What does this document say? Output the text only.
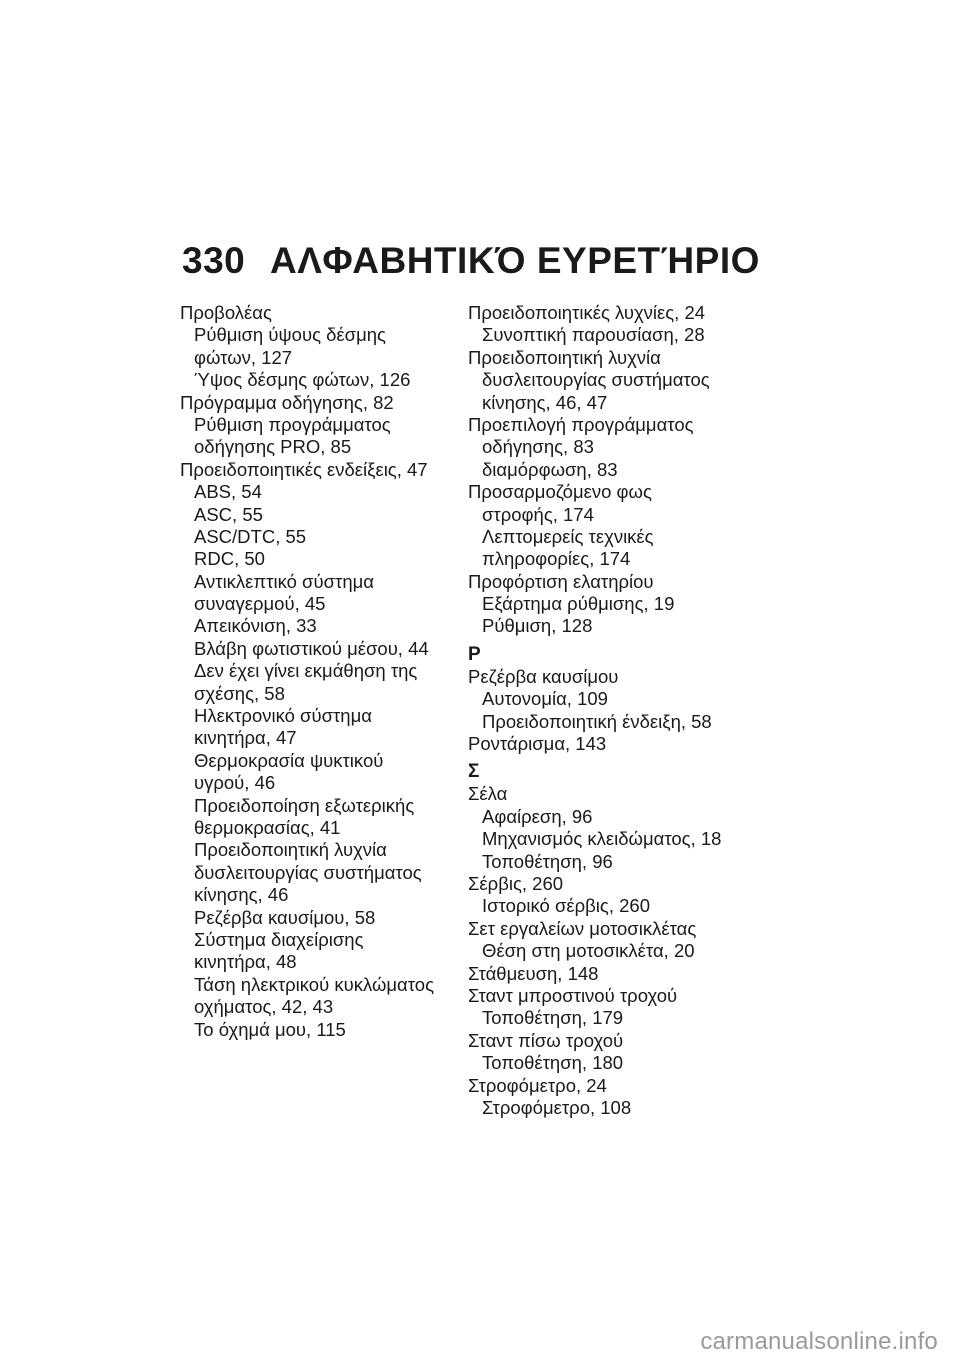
330 ΑΛΦΑΒΗΤΙΚΌ ΕΥΡΕΤΉΡΙΟ
Προβολέας
Ρύθμιση ύψους δέσμης
φώτων, 127
Ύψος δέσμης φώτων, 126
Πρόγραμμα οδήγησης, 82
Ρύθμιση προγράμματος
οδήγησης PRO, 85
Προειδοποιητικές ενδείξεις, 47
ABS, 54
ASC, 55
ASC/DTC, 55
RDC, 50
Αντικλεπτικό σύστημα
συναγερμού, 45
Απεικόνιση, 33
Βλάβη φωτιστικού μέσου, 44
Δεν έχει γίνει εκμάθηση της
σχέσης, 58
Ηλεκτρονικό σύστημα
κινητήρα, 47
Θερμοκρασία ψυκτικού
υγρού, 46
Προειδοποίηση εξωτερικής
θερμοκρασίας, 41
Προειδοποιητική λυχνία
δυσλειτουργίας συστήματος
κίνησης, 46
Ρεζέρβα καυσίμου, 58
Σύστημα διαχείρισης
κινητήρα, 48
Τάση ηλεκτρικού κυκλώματος
οχήματος, 42, 43
Το όχημά μου, 115
Προειδοποιητικές λυχνίες, 24
Συνοπτική παρουσίαση, 28
Προειδοποιητική λυχνία
δυσλειτουργίας συστήματος
κίνησης, 46, 47
Προεπιλογή προγράμματος
οδήγησης, 83
διαμόρφωση, 83
Προσαρμοζόμενο φως
στροφής, 174
Λεπτομερείς τεχνικές
πληροφορίες, 174
Προφόρτιση ελατηρίου
Εξάρτημα ρύθμισης, 19
Ρύθμιση, 128
Ρ
Ρεζέρβα καυσίμου
Αυτονομία, 109
Προειδοποιητική ένδειξη, 58
Ροντάρισμα, 143
Σ
Σέλα
Αφαίρεση, 96
Μηχανισμός κλειδώματος, 18
Τοποθέτηση, 96
Σέρβις, 260
Ιστορικό σέρβις, 260
Σετ εργαλείων μοτοσικλέτας
Θέση στη μοτοσικλέτα, 20
Στάθμευση, 148
Σταντ μπροστινού τροχού
Τοποθέτηση, 179
Σταντ πίσω τροχού
Τοποθέτηση, 180
Στροφόμετρο, 24
Στροφόμετρο, 108
carmanualsonline.info
